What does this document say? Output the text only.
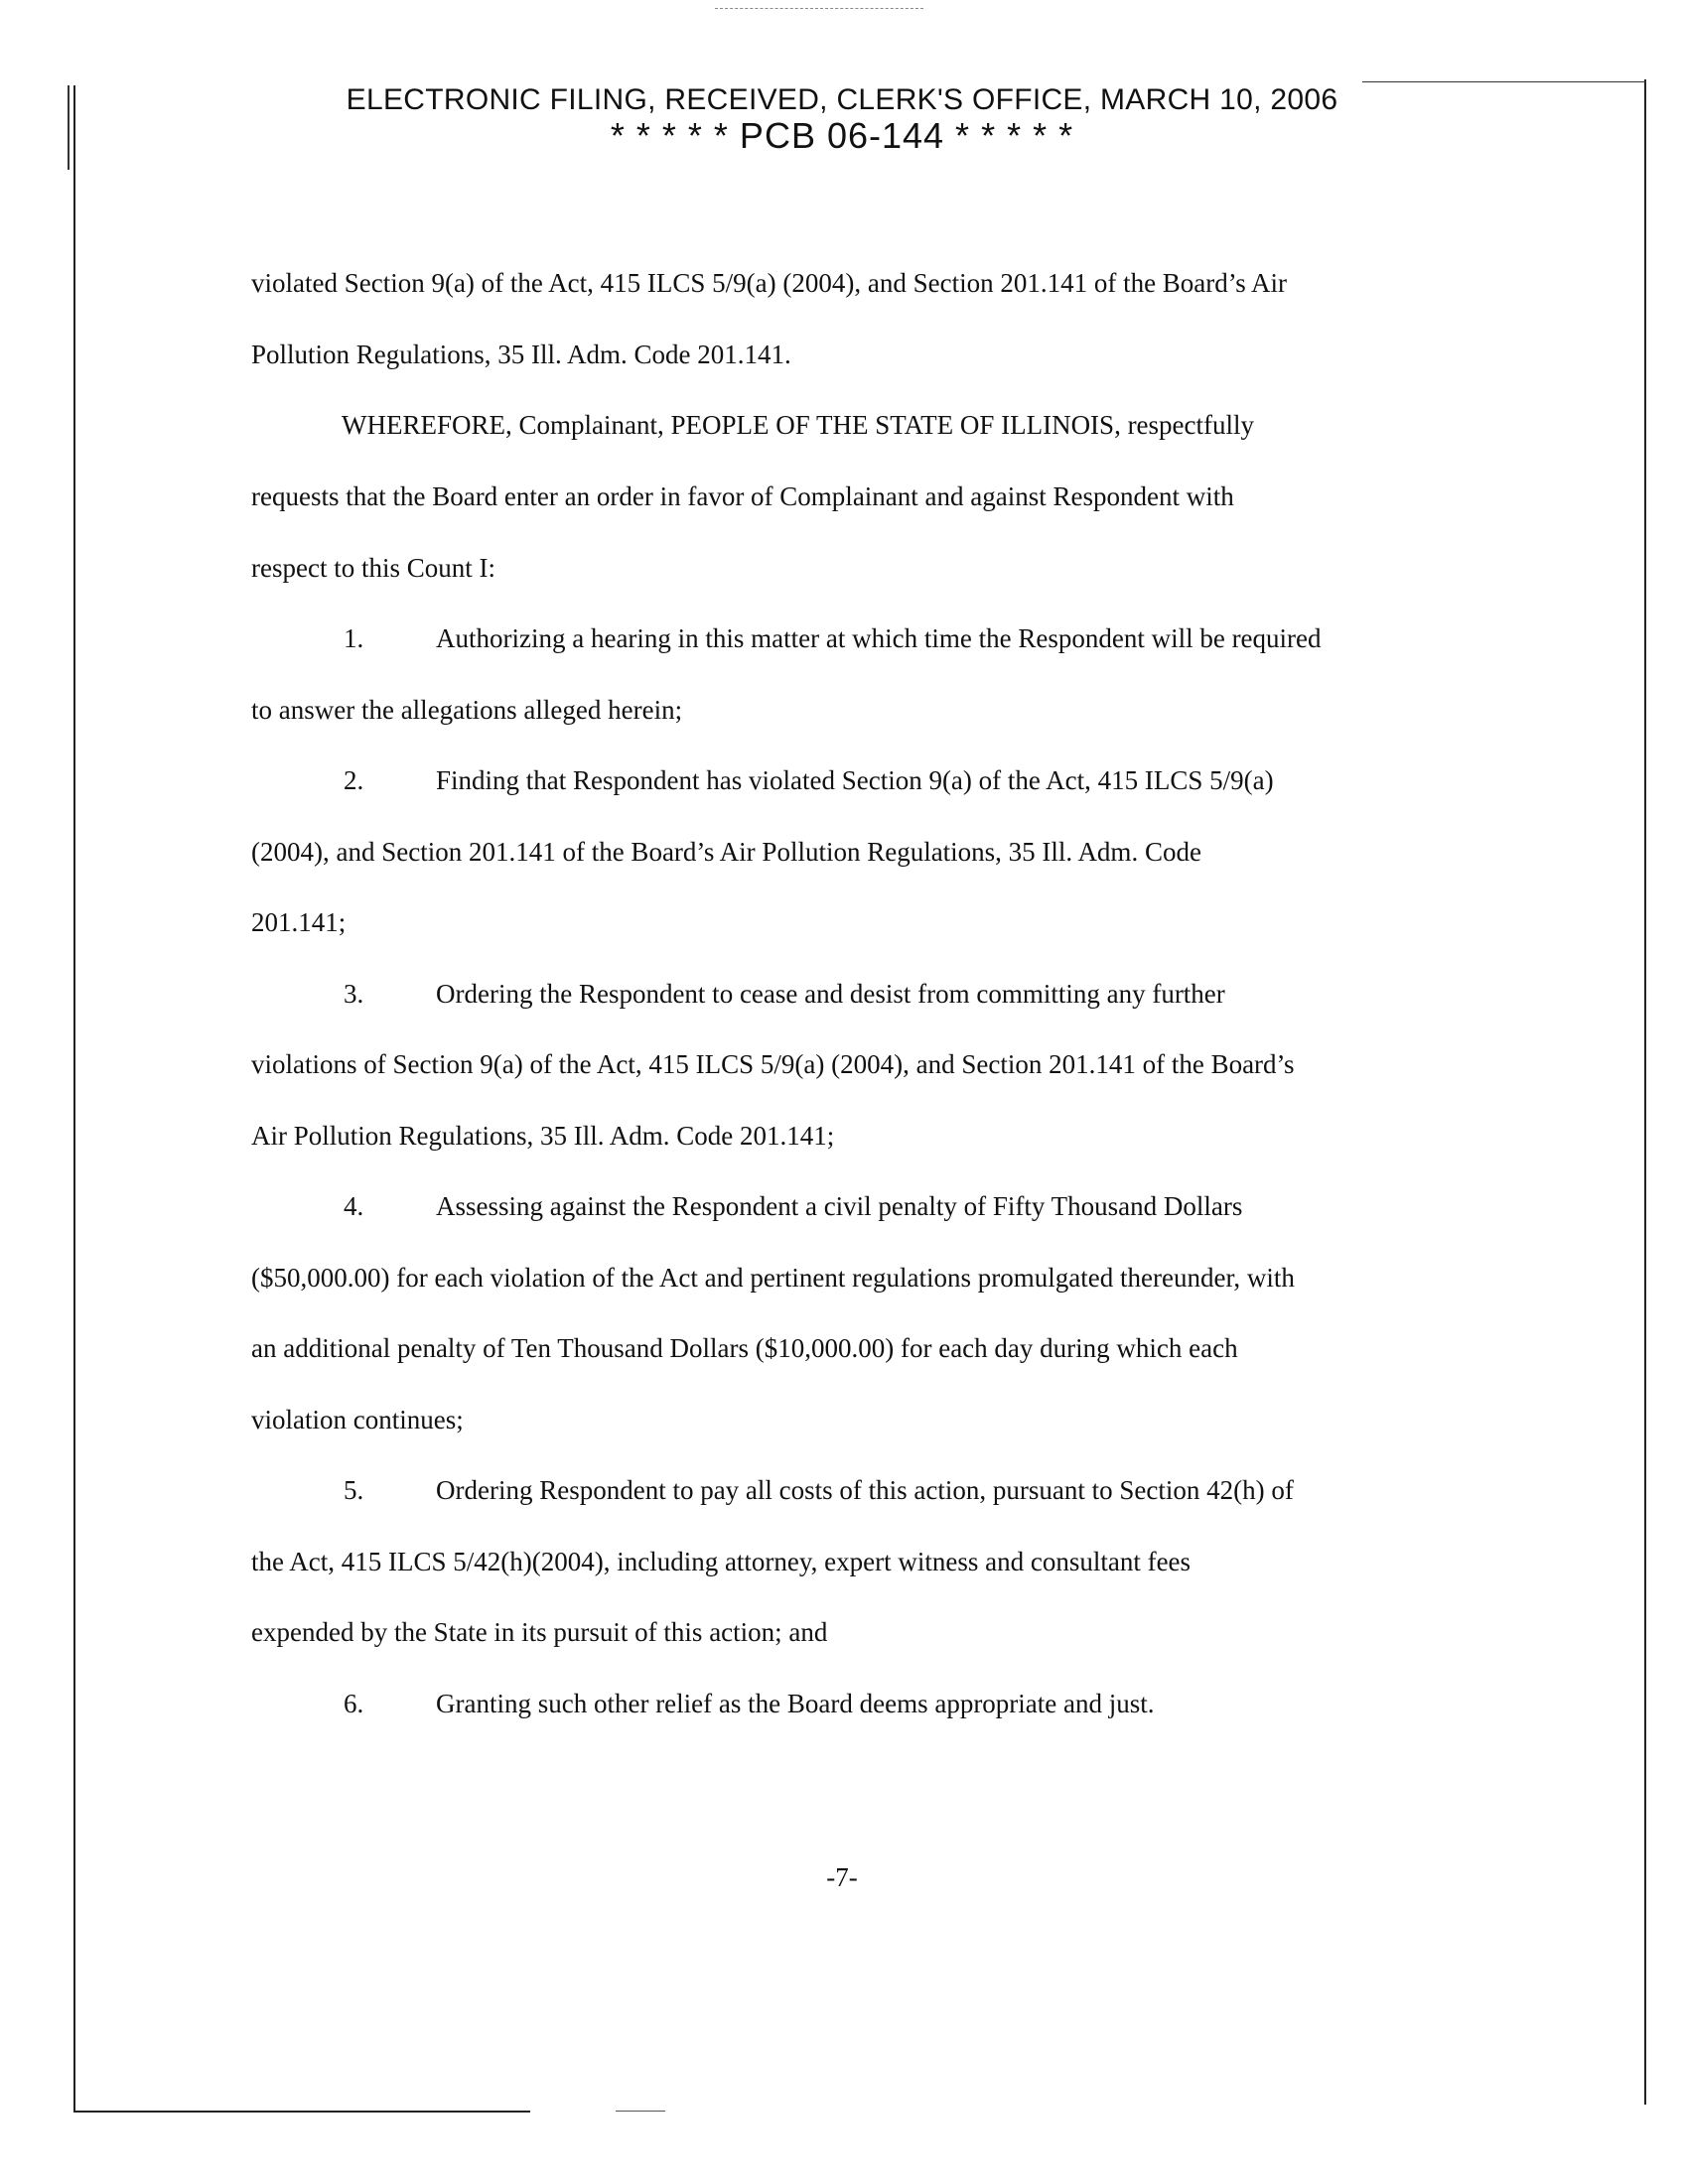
ELECTRONIC FILING, RECEIVED, CLERK'S OFFICE, MARCH 10, 2006
* * * * * PCB 06-144 * * * * *
violated Section 9(a) of the Act, 415 ILCS 5/9(a) (2004), and Section 201.141 of the Board’s Air
Pollution Regulations, 35 Ill. Adm. Code 201.141.
WHEREFORE, Complainant, PEOPLE OF THE STATE OF ILLINOIS, respectfully
requests that the Board enter an order in favor of Complainant and against Respondent with
respect to this Count I:
1.	Authorizing a hearing in this matter at which time the Respondent will be required
to answer the allegations alleged herein;
2.	Finding that Respondent has violated Section 9(a) of the Act, 415 ILCS 5/9(a)
(2004), and Section 201.141 of the Board’s Air Pollution Regulations, 35 Ill. Adm. Code
201.141;
3.	Ordering the Respondent to cease and desist from committing any further
violations of Section 9(a) of the Act, 415 ILCS 5/9(a) (2004), and Section 201.141 of the Board’s
Air Pollution Regulations, 35 Ill. Adm. Code 201.141;
4.	Assessing against the Respondent a civil penalty of Fifty Thousand Dollars
($50,000.00) for each violation of the Act and pertinent regulations promulgated thereunder, with
an additional penalty of Ten Thousand Dollars ($10,000.00) for each day during which each
violation continues;
5.	Ordering Respondent to pay all costs of this action, pursuant to Section 42(h) of
the Act, 415 ILCS 5/42(h)(2004), including attorney, expert witness and consultant fees
expended by the State in its pursuit of this action; and
6.	Granting such other relief as the Board deems appropriate and just.
-7-
